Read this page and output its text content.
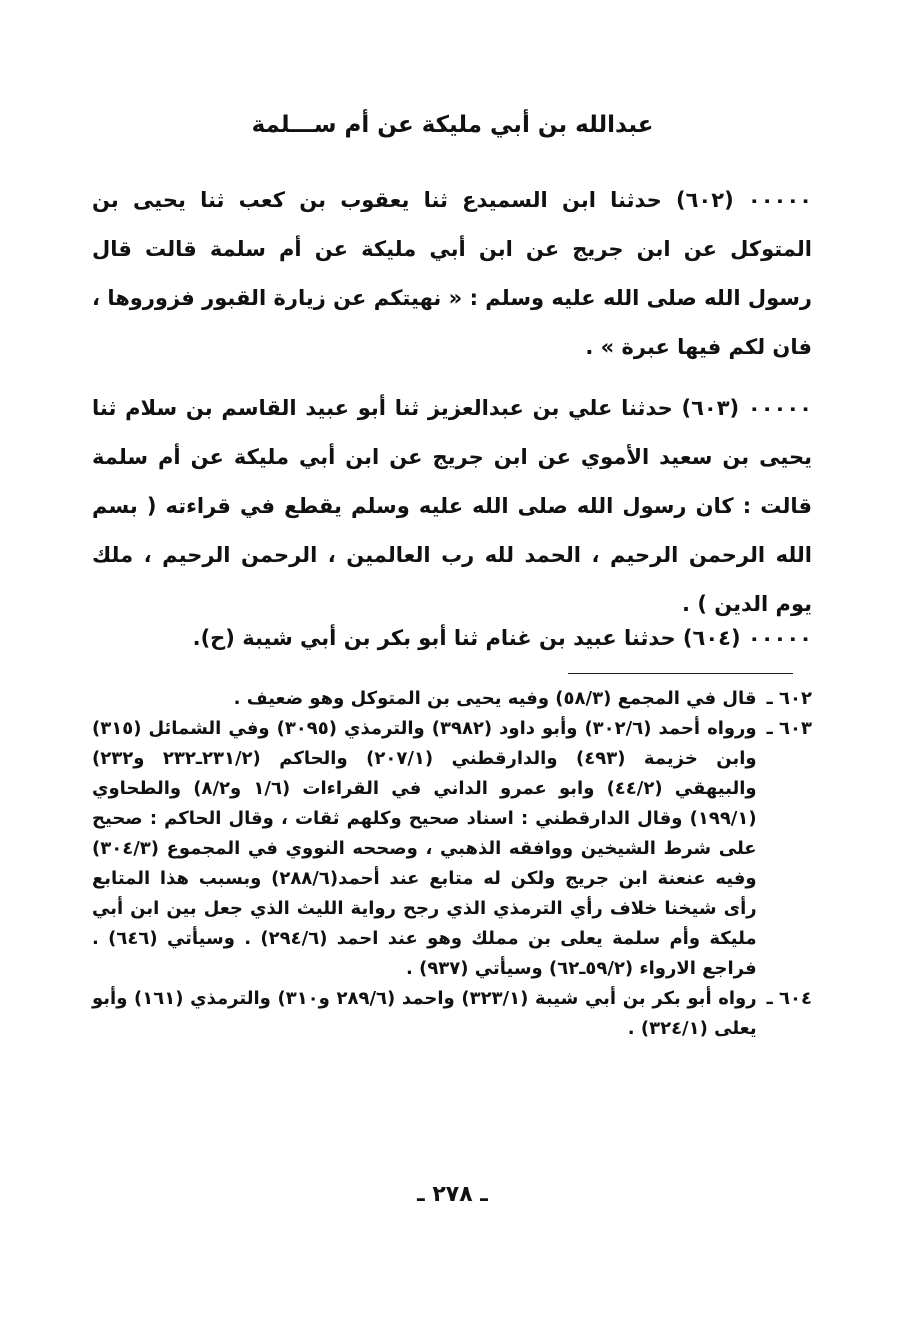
عبدالله بن أبي مليكة عن أم ســـلمة

٠٠٠٠٠ (٦٠٢) حدثنا ابن السميدع ثنا يعقوب بن كعب ثنا يحيى بن المتوكل عن ابن جريج عن ابن أبي مليكة عن أم سلمة قالت قال رسول الله صلى الله عليه وسلم : « نهيتكم عن زيارة القبور فزوروها ، فان لكم فيها عبرة » .

٠٠٠٠٠ (٦٠٣) حدثنا علي بن عبدالعزيز ثنا أبو عبيد القاسم بن سلام ثنا يحيى بن سعيد الأموي عن ابن جريج عن ابن أبي مليكة عن أم سلمة قالت : كان رسول الله صلى الله عليه وسلم يقطع في قراءته ( بسم الله الرحمن الرحيم ، الحمد لله رب العالمين ، الرحمن الرحيم ، ملك يوم الدين ) .

٠٠٠٠٠ (٦٠٤) حدثنا عبيد بن غنام ثنا أبو بكر بن أبي شيبة (ح).

٦٠٢ ـ
قال في المجمع (٥٨/٣) وفيه يحيى بن المتوكل وهو ضعيف .
٦٠٣ ـ
ورواه أحمد (٣٠٢/٦) وأبو داود (٣٩٨٢) والترمذي (٣٠٩٥) وفي الشمائل (٣١٥) وابن خزيمة (٤٩٣) والدارقطني (٢٠٧/١) والحاكم (٢٣١/٢ـ٢٣٢ و٢٣٢) والبيهقي (٤٤/٢) وابو عمرو الداني في القراءات (١/٦ و٨/٢) والطحاوي (١٩٩/١) وقال الدارقطني : اسناد صحيح وكلهم ثقات ، وقال الحاكم : صحيح على شرط الشيخين ووافقه الذهبي ، وصححه النووي في المجموع (٣٠٤/٣) وفيه عنعنة ابن جريج ولكن له متابع عند أحمد(٢٨٨/٦) وبسبب هذا المتابع رأى شيخنا خلاف رأي الترمذي الذي رجح رواية الليث الذي جعل بين ابن أبي مليكة وأم سلمة يعلى بن مملك وهو عند احمد (٢٩٤/٦) . وسيأتي (٦٤٦) . فراجع الارواء (٥٩/٢ـ٦٢) وسيأتي (٩٣٧) .
٦٠٤ ـ
رواه أبو بكر بن أبي شيبة (٣٢٣/١) واحمد (٢٨٩/٦ و٣١٠) والترمذي (١٦١) وأبو يعلى (٣٢٤/١) .
ـ ٢٧٨ ـ
